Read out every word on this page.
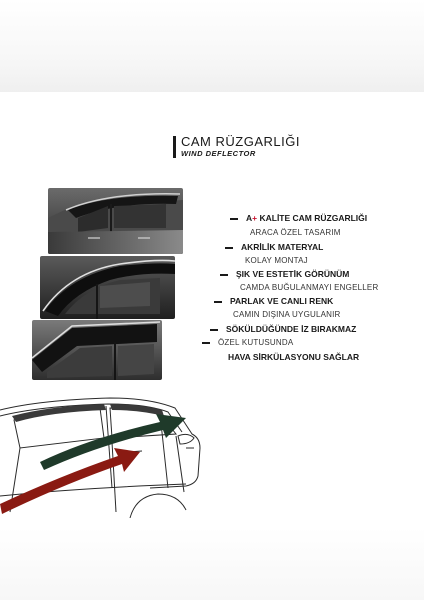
CAM RÜZGARLIĞI
WIND DEFLECTOR
A+ KALİTE CAM RÜZGARLIĞI
ARACA ÖZEL TASARIM
AKRİLİK MATERYAL
KOLAY MONTAJ
ŞIK VE ESTETİK GÖRÜNÜM
CAMDA BUĞULANMAYI ENGELLER
PARLAK VE CANLI RENK
CAMIN DIŞINA UYGULANIR
SÖKÜLDÜĞÜNDE İZ BIRAKMAZ
ÖZEL KUTUSUNDA
HAVA SİRKÜLASYONU SAĞLAR
